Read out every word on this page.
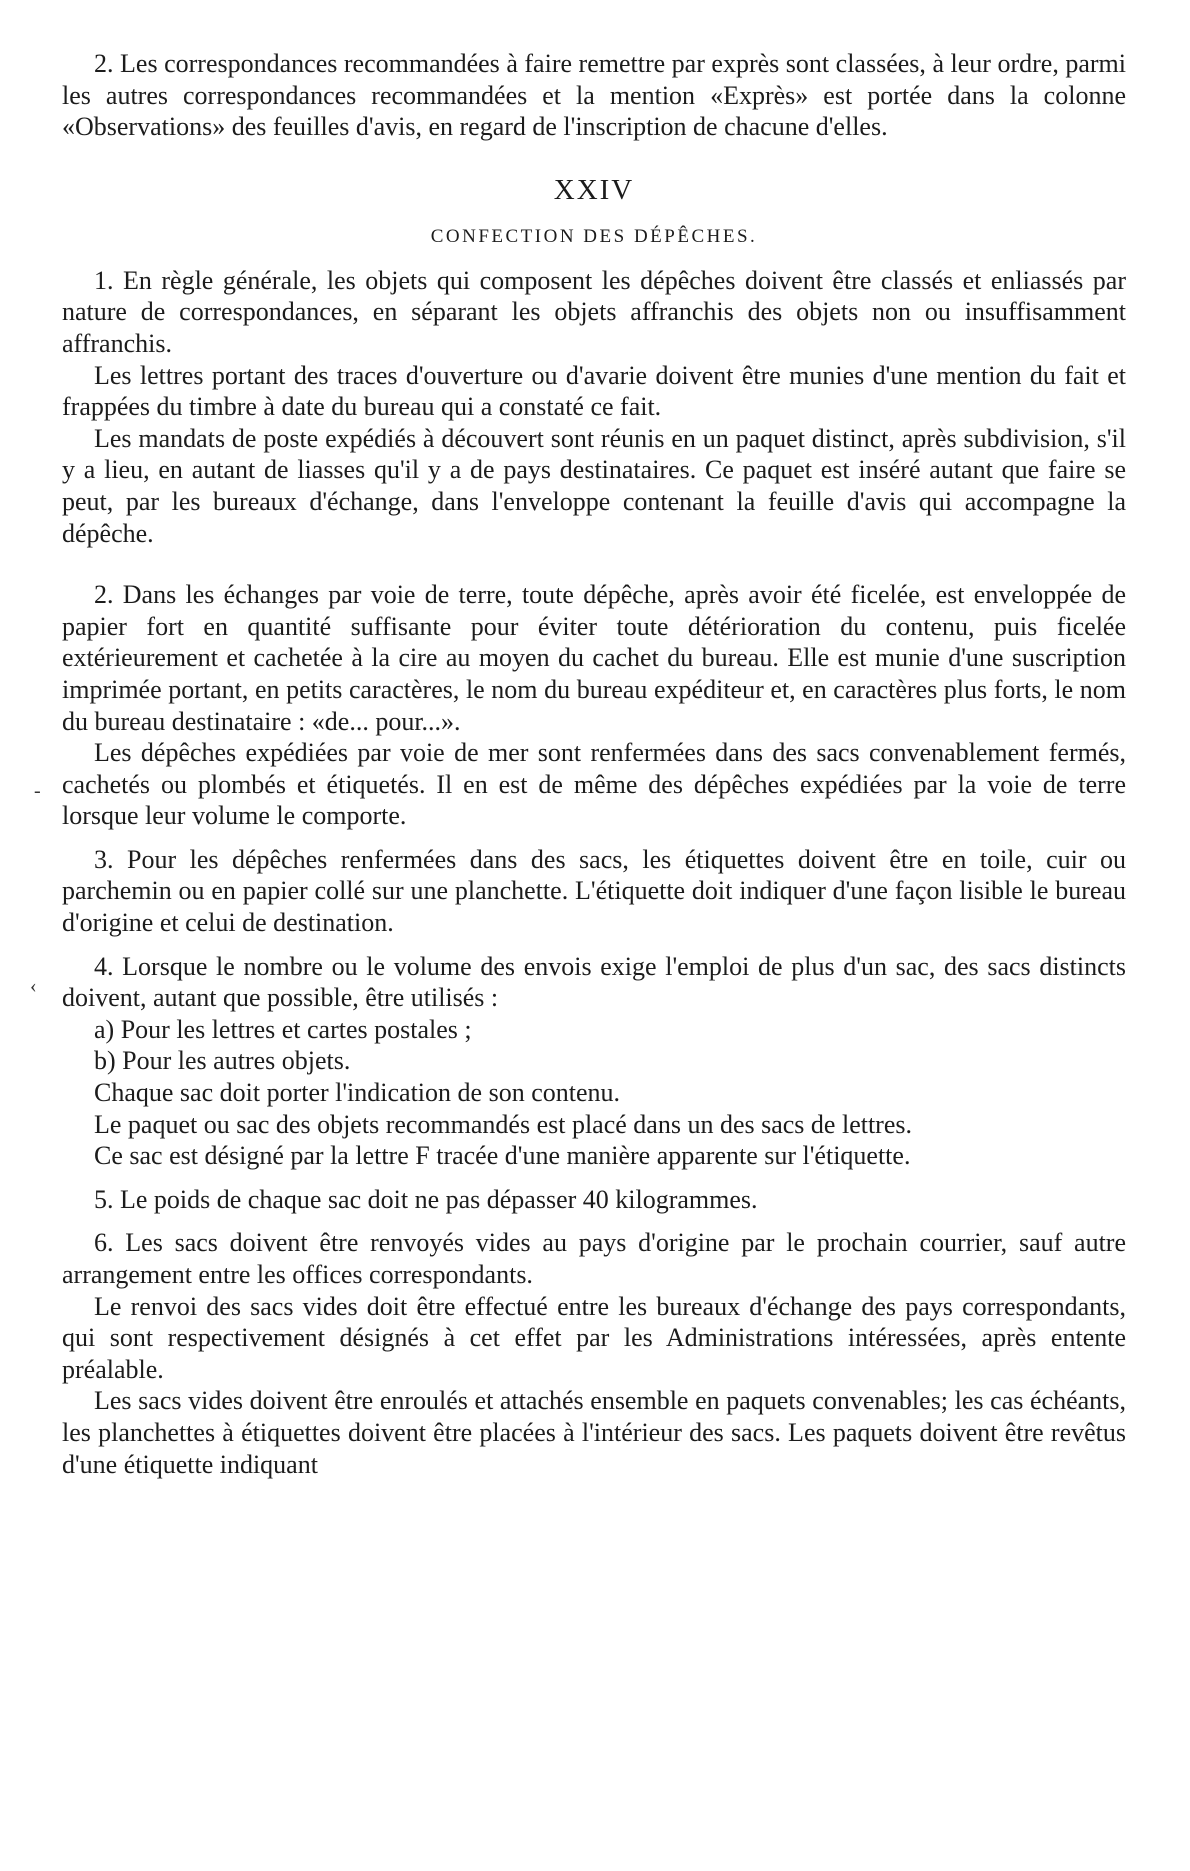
2. Les correspondances recommandées à faire remettre par exprès sont classées, à leur ordre, parmi les autres correspondances recommandées et la mention «Exprès» est portée dans la colonne «Observations» des feuilles d'avis, en regard de l'inscription de chacune d'elles.

XXIV
CONFECTION DES DÉPÊCHES.

1. En règle générale, les objets qui composent les dépêches doivent être classés et enliassés par nature de correspondances, en séparant les objets affranchis des objets non ou insuffisamment affranchis.

Les lettres portant des traces d'ouverture ou d'avarie doivent être munies d'une mention du fait et frappées du timbre à date du bureau qui a constaté ce fait.

Les mandats de poste expédiés à découvert sont réunis en un paquet distinct, après subdivision, s'il y a lieu, en autant de liasses qu'il y a de pays destinataires. Ce paquet est inséré autant que faire se peut, par les bureaux d'échange, dans l'enveloppe contenant la feuille d'avis qui accompagne la dépêche.

2. Dans les échanges par voie de terre, toute dépêche, après avoir été ficelée, est enveloppée de papier fort en quantité suffisante pour éviter toute détérioration du contenu, puis ficelée extérieurement et cachetée à la cire au moyen du cachet du bureau. Elle est munie d'une suscription imprimée portant, en petits caractères, le nom du bureau expéditeur et, en caractères plus forts, le nom du bureau destinataire : «de... pour...».

Les dépêches expédiées par voie de mer sont renfermées dans des sacs convenablement fermés, cachetés ou plombés et étiquetés. Il en est de même des dépêches expédiées par la voie de terre lorsque leur volume le comporte.

3. Pour les dépêches renfermées dans des sacs, les étiquettes doivent être en toile, cuir ou parchemin ou en papier collé sur une planchette. L'étiquette doit indiquer d'une façon lisible le bureau d'origine et celui de destination.

4. Lorsque le nombre ou le volume des envois exige l'emploi de plus d'un sac, des sacs distincts doivent, autant que possible, être utilisés :

a) Pour les lettres et cartes postales ;

b) Pour les autres objets.

Chaque sac doit porter l'indication de son contenu.

Le paquet ou sac des objets recommandés est placé dans un des sacs de lettres.

Ce sac est désigné par la lettre F tracée d'une manière apparente sur l'étiquette.

5. Le poids de chaque sac doit ne pas dépasser 40 kilogrammes.

6. Les sacs doivent être renvoyés vides au pays d'origine par le prochain courrier, sauf autre arrangement entre les offices correspondants.

Le renvoi des sacs vides doit être effectué entre les bureaux d'échange des pays correspondants, qui sont respectivement désignés à cet effet par les Administrations intéressées, après entente préalable.

Les sacs vides doivent être enroulés et attachés ensemble en paquets convenables; les cas échéants, les planchettes à étiquettes doivent être placées à l'intérieur des sacs. Les paquets doivent être revêtus d'une étiquette indiquant

-
‹
